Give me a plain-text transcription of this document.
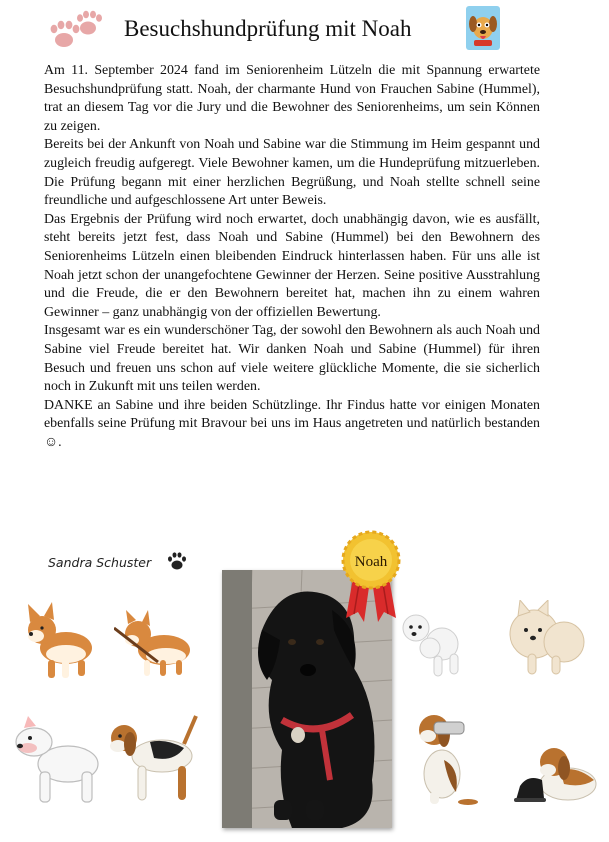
Besuchshundprüfung mit Noah

Am 11. September 2024 fand im Seniorenheim Lützeln die mit Spannung erwartete Besuchshundprüfung statt. Noah, der charmante Hund von Frauchen Sabine (Hummel), trat an diesem Tag vor die Jury und die Bewohner des Seniorenheims, um sein Können zu zeigen.

Bereits bei der Ankunft von Noah und Sabine war die Stimmung im Heim gespannt und zugleich freudig aufgeregt. Viele Bewohner kamen, um die Hundeprüfung mitzuerleben. Die Prüfung begann mit einer herzlichen Begrüßung, und Noah stellte schnell seine freundliche und aufgeschlossene Art unter Beweis.

Das Ergebnis der Prüfung wird noch erwartet, doch unabhängig davon, wie es ausfällt, steht bereits jetzt fest, dass Noah und Sabine (Hummel) bei den Bewohnern des Seniorenheims Lützeln einen bleibenden Eindruck hinterlassen haben. Für uns alle ist Noah jetzt schon der unangefochtene Gewinner der Herzen. Seine positive Ausstrahlung und die Freude, die er den Bewohnern bereitet hat, machen ihn zu einem wahren Gewinner – ganz unabhängig von der offiziellen Bewertung.

Insgesamt war es ein wunderschöner Tag, der sowohl den Bewohnern als auch Noah und Sabine viel Freude bereitet hat. Wir danken Noah und Sabine (Hummel) für ihren Besuch und freuen uns schon auf viele weitere glückliche Momente, die sie sicherlich noch in Zukunft mit uns teilen werden.

DANKE an Sabine und ihre beiden Schützlinge. Ihr Findus hatte vor einigen Monaten ebenfalls seine Prüfung mit Bravour bei uns im Haus angetreten und natürlich bestanden ☺.

Sandra Schuster	Noah
